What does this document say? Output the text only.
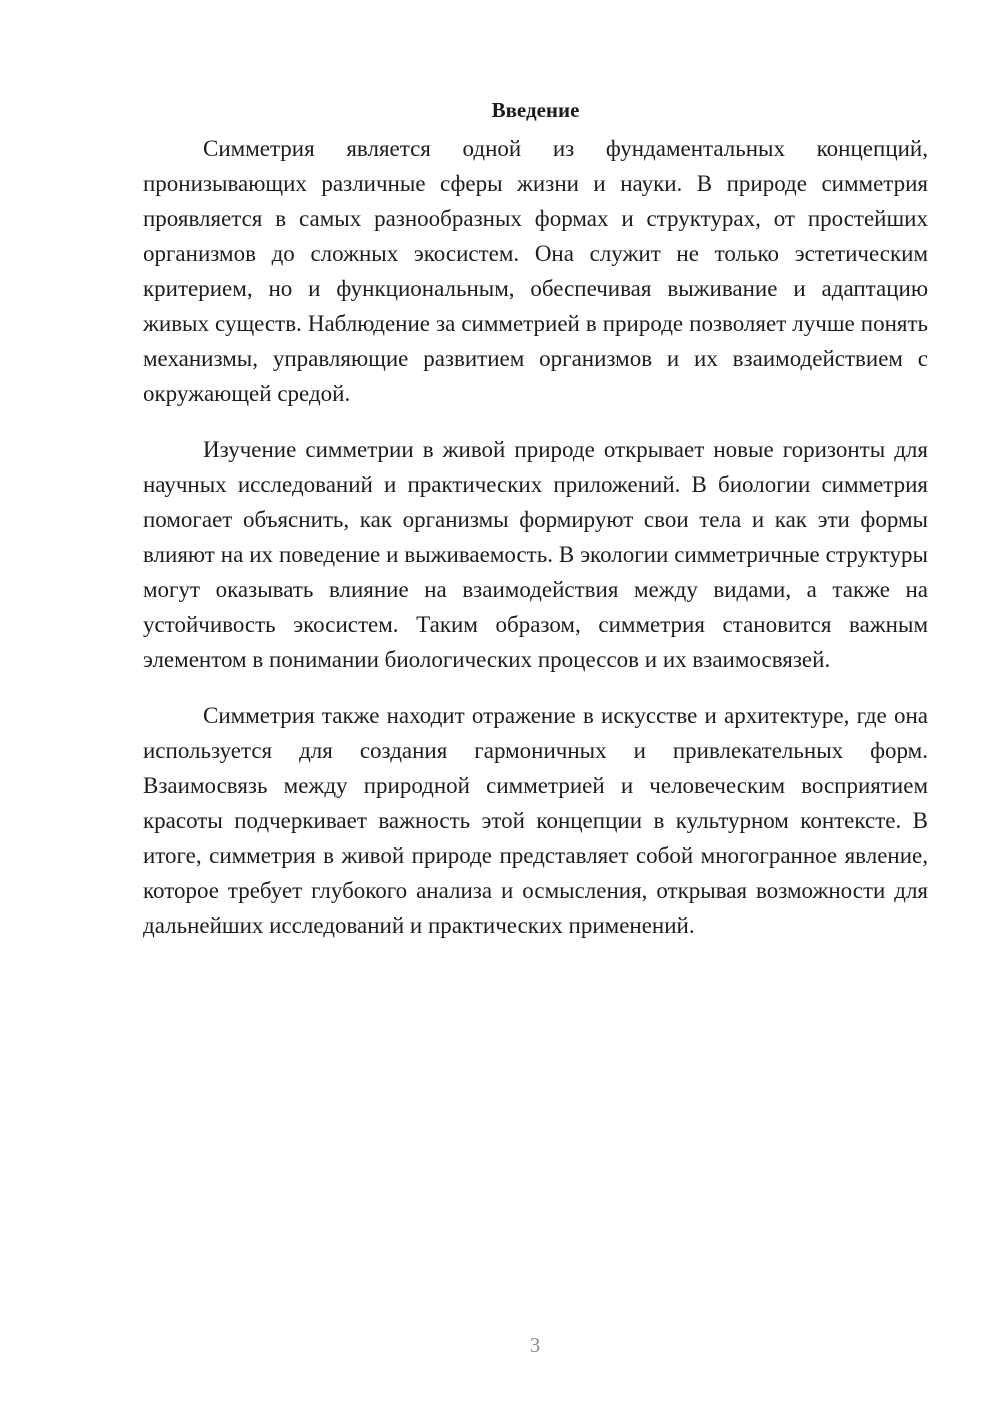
Введение

Симметрия является одной из фундаментальных концепций, пронизывающих различные сферы жизни и науки. В природе симметрия проявляется в самых разнообразных формах и структурах, от простейших организмов до сложных экосистем. Она служит не только эстетическим критерием, но и функциональным, обеспечивая выживание и адаптацию живых существ. Наблюдение за симметрией в природе позволяет лучше понять механизмы, управляющие развитием организмов и их взаимодействием с окружающей средой.

Изучение симметрии в живой природе открывает новые горизонты для научных исследований и практических приложений. В биологии симметрия помогает объяснить, как организмы формируют свои тела и как эти формы влияют на их поведение и выживаемость. В экологии симметричные структуры могут оказывать влияние на взаимодействия между видами, а также на устойчивость экосистем. Таким образом, симметрия становится важным элементом в понимании биологических процессов и их взаимосвязей.

Симметрия также находит отражение в искусстве и архитектуре, где она используется для создания гармоничных и привлекательных форм. Взаимосвязь между природной симметрией и человеческим восприятием красоты подчеркивает важность этой концепции в культурном контексте. В итоге, симметрия в живой природе представляет собой многогранное явление, которое требует глубокого анализа и осмысления, открывая возможности для дальнейших исследований и практических применений.

3
